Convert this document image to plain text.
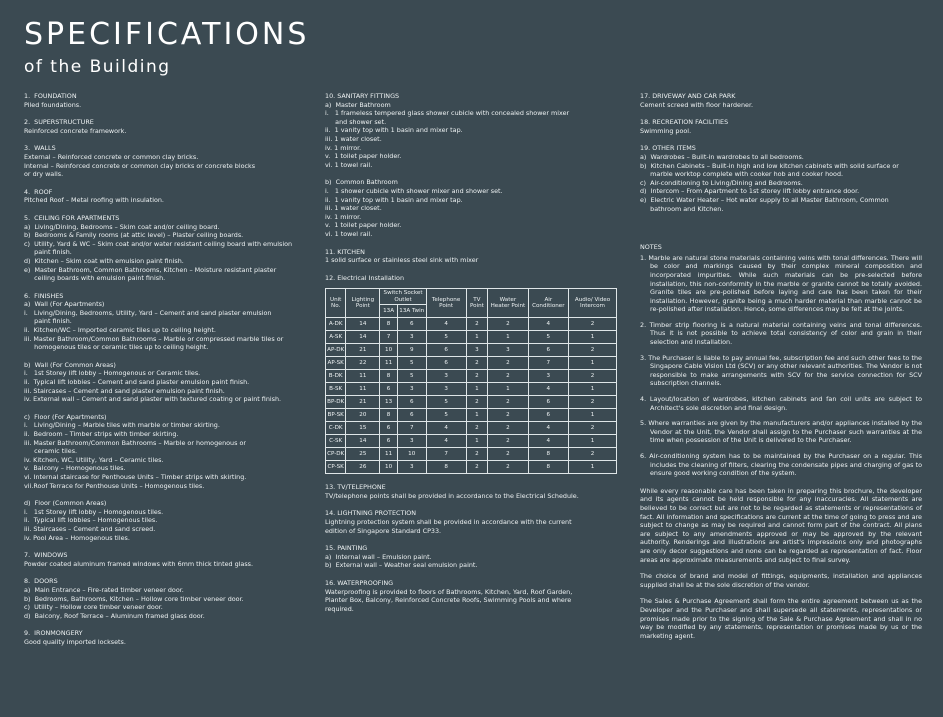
SPECIFICATIONS
of the Building
1.  FOUNDATION
Piled foundations.
2.  SUPERSTRUCTURE
Reinforced concrete framework.
3.  WALLS
External – Reinforced concrete or common clay bricks.
Internal – Reinforced concrete or common clay bricks or concrete blocks
or dry walls.
4.  ROOF
Pitched Roof – Metal roofing with insulation.
5.  CEILING FOR APARTMENTS
a)  Living/Dining, Bedrooms – Skim coat and/or ceiling board.
b)  Bedrooms & Family rooms (at attic level) – Plaster ceiling boards.
c)  Utility, Yard & WC – Skim coat and/or water resistant ceiling board with emulsion
paint finish.
d)  Kitchen – Skim coat with emulsion paint finish.
e)  Master Bathroom, Common Bathrooms, Kitchen – Moisture resistant plaster
ceiling boards with emulsion paint finish.
6.  FINISHES
a)  Wall (For Apartments)
i.   Living/Dining, Bedrooms, Utility, Yard – Cement and sand plaster emulsion
paint finish.
ii.  Kitchen/WC – Imported ceramic tiles up to ceiling height.
iii. Master Bathroom/Common Bathrooms – Marble or compressed marble tiles or
homogenous tiles or ceramic tiles up to ceiling height.
b)  Wall (For Common Areas)
i.   1st Storey lift lobby – Homogenous or Ceramic tiles.
ii.  Typical lift lobbies – Cement and sand plaster emulsion paint finish.
iii. Staircases – Cement and sand plaster emulsion paint finish.
iv. External wall – Cement and sand plaster with textured coating or paint finish.
c)  Floor (For Apartments)
i.   Living/Dining – Marble tiles with marble or timber skirting.
ii.  Bedroom – Timber strips with timber skirting.
iii. Master Bathroom/Common Bathrooms – Marble or homogenous or
ceramic tiles.
iv. Kitchen, WC, Utility, Yard – Ceramic tiles.
v.  Balcony – Homogenous tiles.
vi. Internal staircase for Penthouse Units – Timber strips with skirting.
vii.Roof Terrace for Penthouse Units – Homogenous tiles.
d)  Floor (Common Areas)
i.   1st Storey lift lobby – Homogenous tiles.
ii.  Typical lift lobbies – Homogenous tiles.
iii. Staircases – Cement and sand screed.
iv. Pool Area – Homogenous tiles.
7.  WINDOWS
Powder coated aluminum framed windows with 6mm thick tinted glass.
8.  DOORS
a)  Main Entrance – Fire-rated timber veneer door.
b)  Bedrooms, Bathrooms, Kitchen – Hollow core timber veneer door.
c)  Utility – Hollow core timber veneer door.
d)  Balcony, Roof Terrace – Aluminum framed glass door.
9.  IRONMONGERY
Good quality imported locksets.
10. SANITARY FITTINGS
a)  Master Bathroom
i.   1 frameless tempered glass shower cubicle with concealed shower mixer
and shower set.
ii.  1 vanity top with 1 basin and mixer tap.
iii. 1 water closet.
iv. 1 mirror.
v.  1 toilet paper holder.
vi. 1 towel rail.
b)  Common Bathroom
i.   1 shower cubicle with shower mixer and shower set.
ii.  1 vanity top with 1 basin and mixer tap.
iii. 1 water closet.
iv. 1 mirror.
v.  1 toilet paper holder.
vi. 1 towel rail.
11. KITCHEN
1 solid surface or stainless steel sink with mixer
12. Electrical Installation
Unit No.	Lighting Point	Switch Socket Outlet		Telephone Point	TV Point	Water Heater Point	Air Conditioner	Audio/ Video Intercom
		13A	13A Twin					
A-DK	14	8	6	4	2	2	4	2
A-SK	14	7	3	5	1	1	5	1
AP-DK	21	10	9	6	3	3	6	2
AP-SK	22	11	5	6	2	2	7	1
B-DK	11	8	5	3	2	2	3	2
B-SK	11	6	3	3	1	1	4	1
BP-DK	21	13	6	5	2	2	6	2
BP-SK	20	8	6	5	1	2	6	1
C-DK	15	6	7	4	2	2	4	2
C-SK	14	6	3	4	1	2	4	1
CP-DK	25	11	10	7	2	2	8	2
CP-SK	26	10	3	8	2	2	8	1
13. TV/TELEPHONE
TV/telephone points shall be provided in accordance to the Electrical Schedule.
14. LIGHTNING PROTECTION
Lightning protection system shall be provided in accordance with the current
edition of Singapore Standard CP33.
15. PAINTING
a)  Internal wall – Emulsion paint.
b)  External wall – Weather seal emulsion paint.
16. WATERPROOFING
Waterproofing is provided to floors of Bathrooms, Kitchen, Yard, Roof Garden,
Planter Box, Balcony, Reinforced Concrete Roofs, Swimming Pools and where
required.
17. DRIVEWAY AND CAR PARK
Cement screed with floor hardener.
18. RECREATION FACILITIES
Swimming pool.
19. OTHER ITEMS
a)  Wardrobes – Built-in wardrobes to all bedrooms.
b)  Kitchen Cabinets – Built-in high and low kitchen cabinets with solid surface or
marble worktop complete with cooker hob and cooker hood.
c)  Air-conditioning to Living/Dining and Bedrooms.
d)  Intercom – From Apartment to 1st storey lift lobby entrance door.
e)  Electric Water Heater – Hot water supply to all Master Bathroom, Common
bathroom and Kitchen.
NOTES
1. Marble are natural stone materials containing veins with tonal differences. There will be color and markings caused by their complex mineral composition and incorporated impurities. While such materials can be pre-selected before installation, this non-conformity in the marble or granite cannot be totally avoided. Granite tiles are pre-polished before laying and care has been taken for their installation. However, granite being a much harder material than marble cannot be re-polished after installation. Hence, some differences may be felt at the joints.
2. Timber strip flooring is a natural material containing veins and tonal differences. Thus it is not possible to achieve total consistency of color and grain in their selection and installation.
3. The Purchaser is liable to pay annual fee, subscription fee and such other fees to the Singapore Cable Vision Ltd (SCV) or any other relevant authorities. The Vendor is not responsible to make arrangements with SCV for the service connection for SCV subscription channels.
4. Layout/location of wardrobes, kitchen cabinets and fan coil units are subject to Architect's sole discretion and final design.
5. Where warranties are given by the manufacturers and/or appliances installed by the Vendor at the Unit, the Vendor shall assign to the Purchaser such warranties at the time when possession of the Unit is delivered to the Purchaser.
6. Air-conditioning system has to be maintained by the Purchaser on a regular. This includes the cleaning of filters, clearing the condensate pipes and charging of gas to ensure good working condition of the system.
While every reasonable care has been taken in preparing this brochure, the developer and its agents cannot be held responsible for any inaccuracies. All statements are believed to be correct but are not to be regarded as statements or representations of fact. All information and specifications are current at the time of going to press and are subject to change as may be required and cannot form part of the contract. All plans are subject to any amendments approved or may be approved by the relevant authority. Renderings and illustrations are artist's impressions only and photographs are only decor suggestions and none can be regarded as representation of fact. Floor areas are approximate measurements and subject to final survey.
The choice of brand and model of fittings, equipments, installation and appliances supplied shall be at the sole discretion of the vendor.
The Sales & Purchase Agreement shall form the entire agreement between us as the Developer and the Purchaser and shall supersede all statements, representations or promises made prior to the signing of the Sale & Purchase Agreement and shall in no way be modified by any statements, representation or promises made by us or the marketing agent.
